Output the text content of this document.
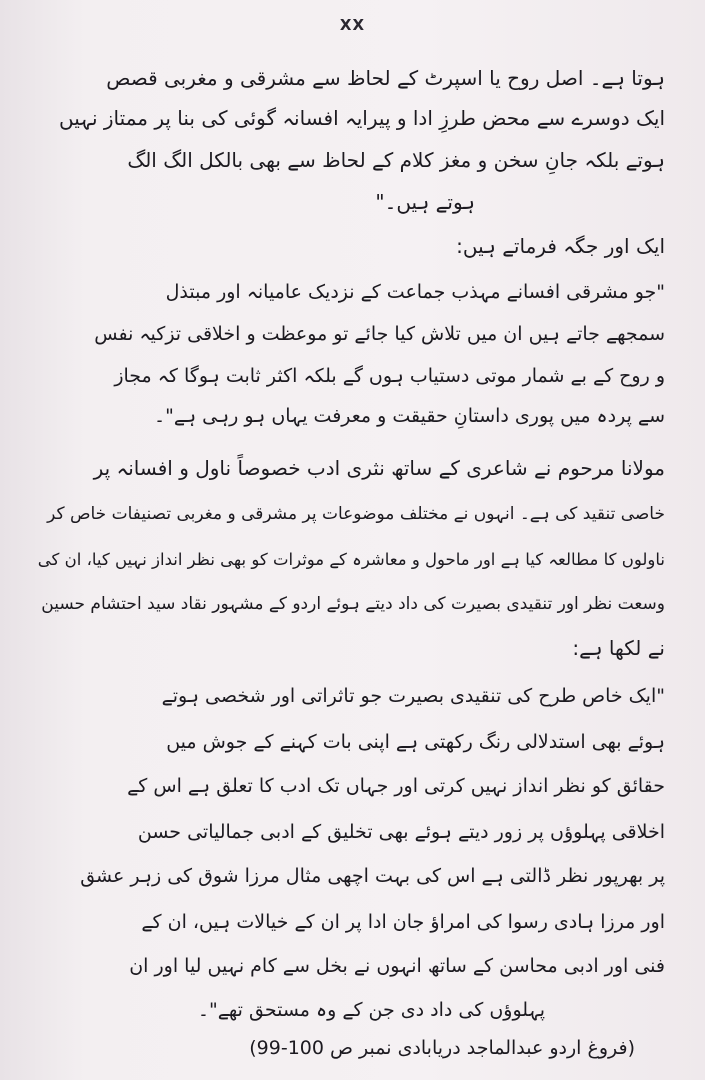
XX
ہوتا ہے۔ اصل روح یا اسپرٹ کے لحاظ سے مشرقی و مغربی قصص
ایک دوسرے سے محض طرزِ ادا و پیرایہ افسانہ گوئی کی بنا پر ممتاز نہیں
ہوتے بلکہ جانِ سخن و مغز کلام کے لحاظ سے بھی بالکل الگ الگ
ہوتے ہیں۔"
ایک اور جگہ فرماتے ہیں:
"جو مشرقی افسانے مہذب جماعت کے نزدیک عامیانہ اور مبتذل
سمجھے جاتے ہیں ان میں تلاش کیا جائے تو موعظت و اخلاقی تزکیہ نفس
و روح کے بے شمار موتی دستیاب ہوں گے بلکہ اکثر ثابت ہوگا کہ مجاز
سے پردہ میں پوری داستانِ حقیقت و معرفت یہاں ہو رہی ہے"۔
مولانا مرحوم نے شاعری کے ساتھ نثری ادب خصوصاً ناول و افسانہ پر
خاصی تنقید کی ہے۔ انہوں نے مختلف موضوعات پر مشرقی و مغربی تصنیفات خاص کر
ناولوں کا مطالعہ کیا ہے اور ماحول و معاشرہ کے موثرات کو بھی نظر انداز نہیں کیا، ان کی
وسعت نظر اور تنقیدی بصیرت کی داد دیتے ہوئے اردو کے مشہور نقاد سید احتشام حسین
نے لکھا ہے:
"ایک خاص طرح کی تنقیدی بصیرت جو تاثراتی اور شخصی ہوتے
ہوئے بھی استدلالی رنگ رکھتی ہے اپنی بات کہنے کے جوش میں
حقائق کو نظر انداز نہیں کرتی اور جہاں تک ادب کا تعلق ہے اس کے
اخلاقی پہلوؤں پر زور دیتے ہوئے بھی تخلیق کے ادبی جمالیاتی حسن
پر بھرپور نظر ڈالتی ہے اس کی بہت اچھی مثال مرزا شوق کی زہر عشق
اور مرزا ہادی رسوا کی امراؤ جان ادا پر ان کے خیالات ہیں، ان کے
فنی اور ادبی محاسن کے ساتھ انہوں نے بخل سے کام نہیں لیا اور ان
پہلوؤں کی داد دی جن کے وہ مستحق تھے"۔
(فروغ اردو عبدالماجد دریابادی نمبر ص 100-99)
